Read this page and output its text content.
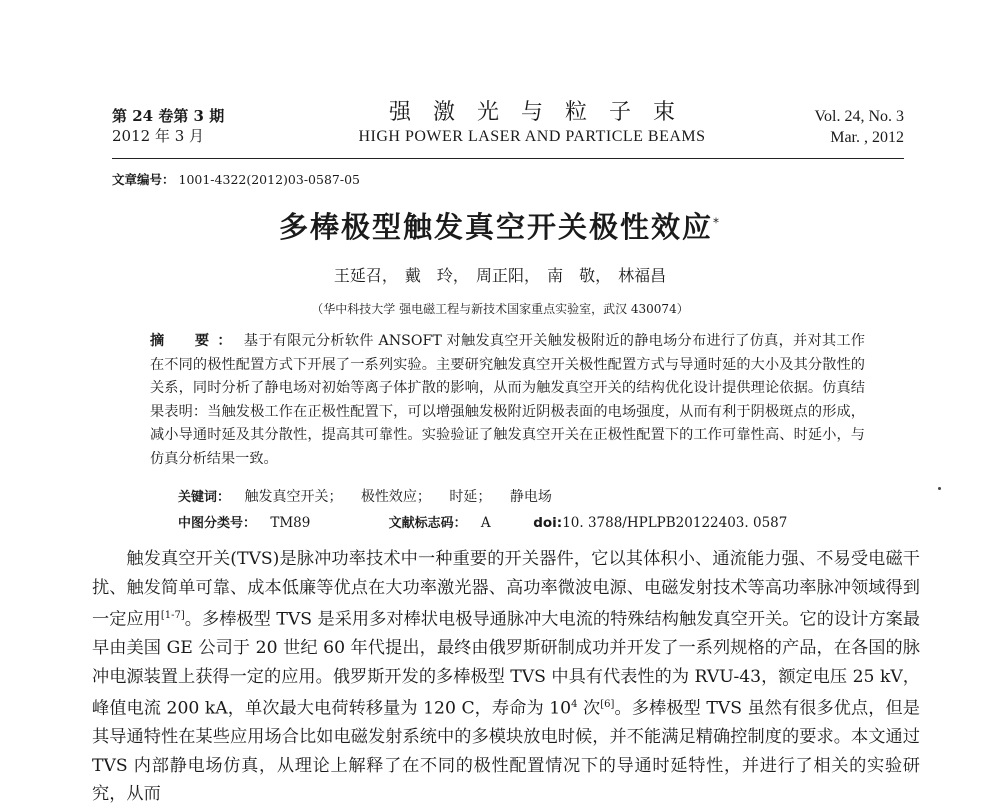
第 24 卷第 3 期
2012 年 3 月
强激光与粒子束
HIGH POWER LASER AND PARTICLE BEAMS
Vol. 24, No. 3
Mar. , 2012
文章编号： 1001-4322(2012)03-0587-05
多棒极型触发真空开关极性效应*
王延召， 戴　玲， 周正阳， 南　敬， 林福昌
（华中科技大学 强电磁工程与新技术国家重点实验室，武汉 430074）
摘　要： 基于有限元分析软件 ANSOFT 对触发真空开关触发极附近的静电场分布进行了仿真，并对其工作在不同的极性配置方式下开展了一系列实验。主要研究触发真空开关极性配置方式与导通时延的大小及其分散性的关系，同时分析了静电场对初始等离子体扩散的影响，从而为触发真空开关的结构优化设计提供理论依据。仿真结果表明：当触发极工作在正极性配置下，可以增强触发极附近阴极表面的电场强度，从而有利于阴极斑点的形成，减小导通时延及其分散性，提高其可靠性。实验验证了触发真空开关在正极性配置下的工作可靠性高、时延小，与仿真分析结果一致。
关键词： 触发真空开关； 极性效应； 时延； 静电场
中图分类号： TM89	文献标志码： A	doi:10. 3788/HPLPB20122403. 0587

触发真空开关(TVS)是脉冲功率技术中一种重要的开关器件，它以其体积小、通流能力强、不易受电磁干扰、触发简单可靠、成本低廉等优点在大功率激光器、高功率微波电源、电磁发射技术等高功率脉冲领域得到一定应用[1-7]。多棒极型 TVS 是采用多对棒状电极导通脉冲大电流的特殊结构触发真空开关。它的设计方案最早由美国 GE 公司于 20 世纪 60 年代提出，最终由俄罗斯研制成功并开发了一系列规格的产品，在各国的脉冲电源装置上获得一定的应用。俄罗斯开发的多棒极型 TVS 中具有代表性的为 RVU-43，额定电压 25 kV，峰值电流 200 kA，单次最大电荷转移量为 120 C，寿命为 $10^4$ 次[6]。多棒极型 TVS 虽然有很多优点，但是其导通特性在某些应用场合比如电磁发射系统中的多模块放电时候，并不能满足精确控制度的要求。本文通过 TVS 内部静电场仿真，从理论上解释了在不同的极性配置情况下的导通时延特性，并进行了相关的实验研究，从而
